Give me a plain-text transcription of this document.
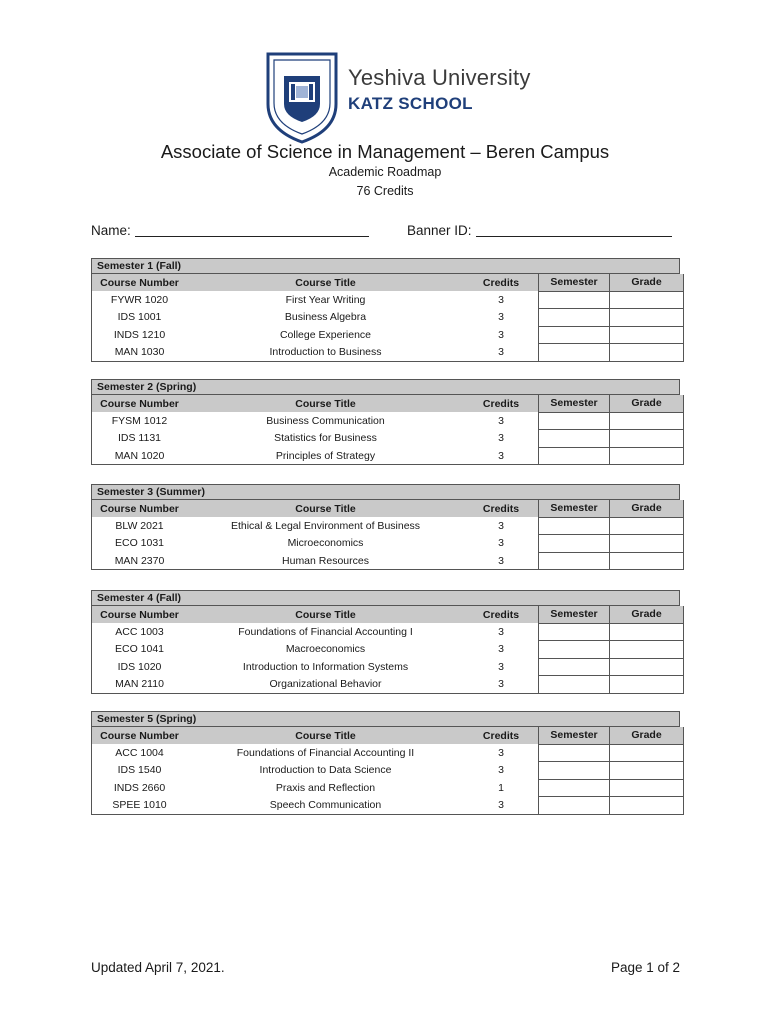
Yeshiva University
KATZ SCHOOL
Associate of Science in Management – Beren Campus
Academic Roadmap
76 Credits
Name:	Banner ID:
Semester 1 (Fall)
Course Number	Course Title	Credits	Semester	Grade
FYWR 1020	First Year Writing	3		
IDS 1001	Business Algebra	3		
INDS 1210	College Experience	3		
MAN 1030	Introduction to Business	3		
Semester 2 (Spring)
Course Number	Course Title	Credits	Semester	Grade
FYSM 1012	Business Communication	3		
IDS 1131	Statistics for Business	3		
MAN 1020	Principles of Strategy	3		
Semester 3 (Summer)
Course Number	Course Title	Credits	Semester	Grade
BLW 2021	Ethical & Legal Environment of Business	3		
ECO 1031	Microeconomics	3		
MAN 2370	Human Resources	3		
Semester 4 (Fall)
Course Number	Course Title	Credits	Semester	Grade
ACC 1003	Foundations of Financial Accounting I	3		
ECO 1041	Macroeconomics	3		
IDS 1020	Introduction to Information Systems	3		
MAN 2110	Organizational Behavior	3		
Semester 5 (Spring)
Course Number	Course Title	Credits	Semester	Grade
ACC 1004	Foundations of Financial Accounting II	3		
IDS 1540	Introduction to Data Science	3		
INDS 2660	Praxis and Reflection	1		
SPEE 1010	Speech Communication	3		
Updated April 7, 2021.	Page 1 of 2
